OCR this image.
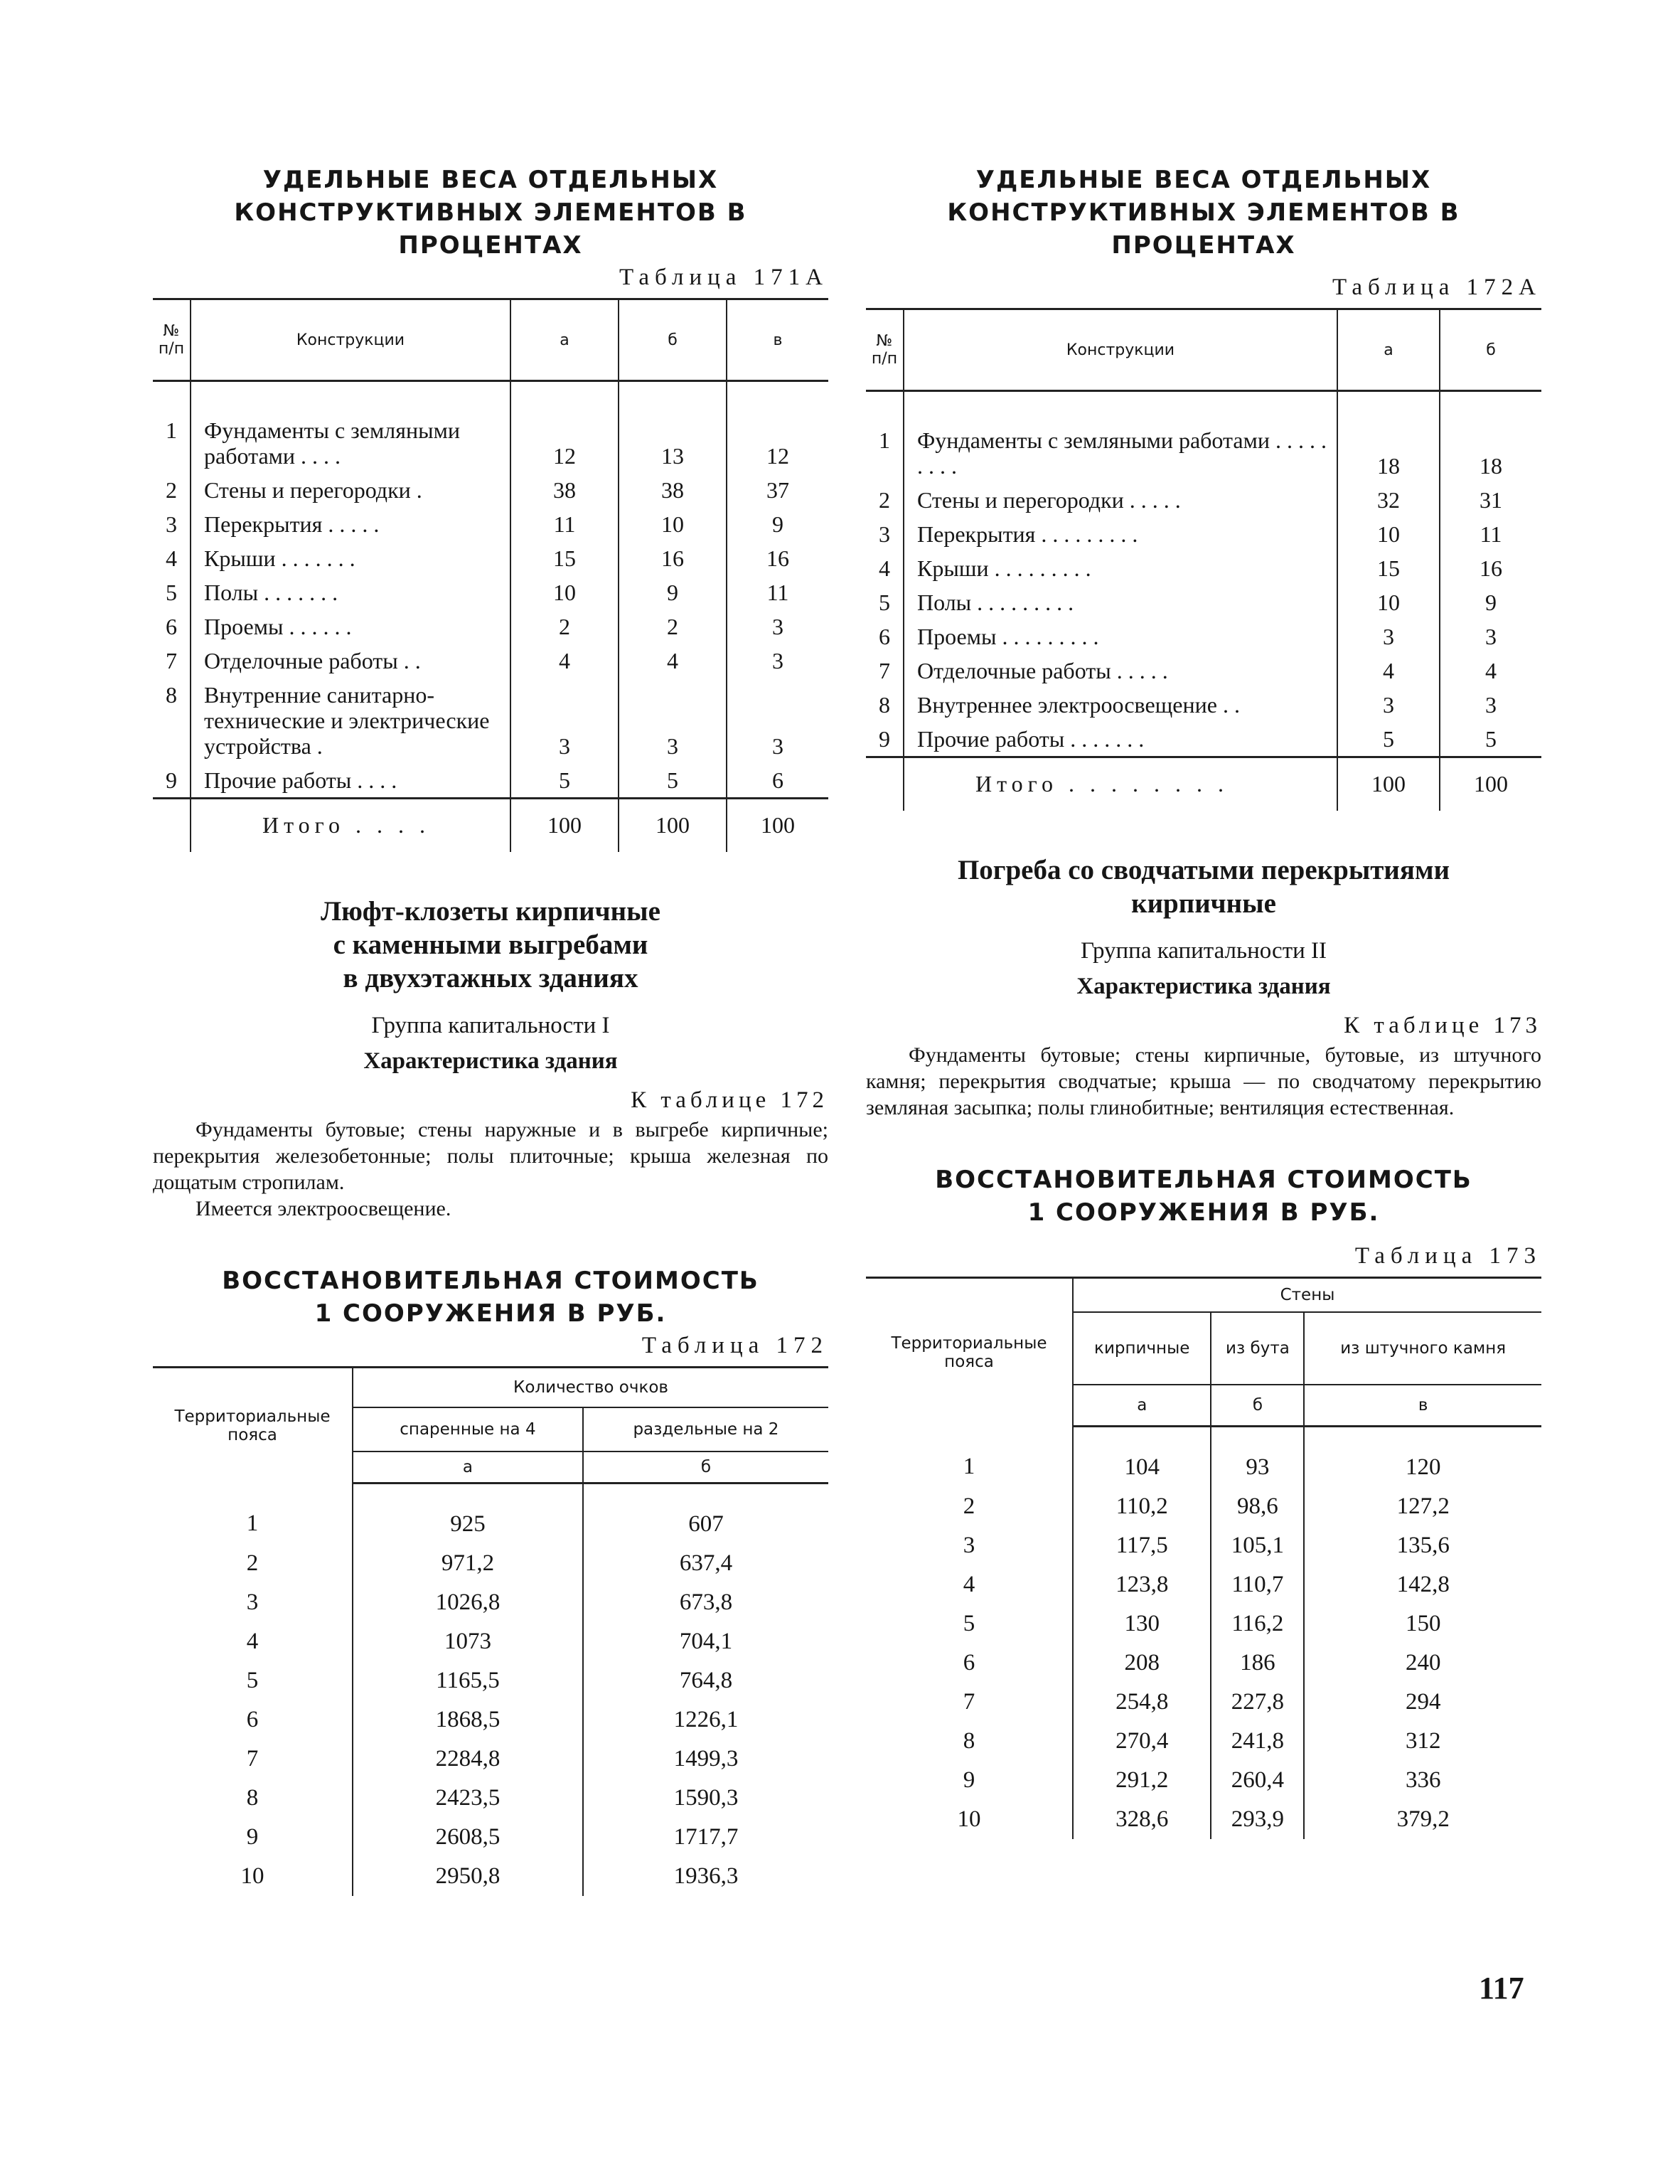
УДЕЛЬНЫЕ ВЕСА ОТДЕЛЬНЫХ

КОНСТРУКТИВНЫХ ЭЛЕМЕНТОВ В ПРОЦЕНТАХ

Таблица 171А

№ п/п	Конструкции	а	б	в
1	Фундаменты с земляными работами . . . .	12	13	12
2	Стены и перегородки .	38	38	37
3	Перекрытия . . . . .	11	10	9
4	Крыши . . . . . . .	15	16	16
5	Полы . . . . . . .	10	9	11
6	Проемы . . . . . .	2	2	3
7	Отделочные работы . .	4	4	3
8	Внутренние санитарно-технические и электрические устройства .	3	3	3
9	Прочие работы . . . .	5	5	6
	Итого . . . .	100	100	100

Люфт-клозеты кирпичные

с каменными выгребами

в двухэтажных зданиях

Группа капитальности I

Характеристика здания

К таблице 172

Фундаменты бутовые; стены наружные и в выгребе кирпичные; перекрытия железобетонные; полы плиточные; крыша железная по дощатым стропилам.

Имеется электроосвещение.

ВОССТАНОВИТЕЛЬНАЯ СТОИМОСТЬ

1 СООРУЖЕНИЯ В РУБ.

Таблица 172

Территориальные пояса	Количество очков	
	спаренные на 4	раздельные на 2
	а	б
1	925	607
2	971,2	637,4
3	1026,8	673,8
4	1073	704,1
5	1165,5	764,8
6	1868,5	1226,1
7	2284,8	1499,3
8	2423,5	1590,3
9	2608,5	1717,7
10	2950,8	1936,3

УДЕЛЬНЫЕ ВЕСА ОТДЕЛЬНЫХ

КОНСТРУКТИВНЫХ ЭЛЕМЕНТОВ В ПРОЦЕНТАХ

Таблица 172А

№ п/п	Конструкции	а	б
1	Фундаменты с земляными работами . . . . . . . . .	18	18
2	Стены и перегородки . . . . .	32	31
3	Перекрытия . . . . . . . . .	10	11
4	Крыши . . . . . . . . .	15	16
5	Полы . . . . . . . . .	10	9
6	Проемы . . . . . . . . .	3	3
7	Отделочные работы . . . . .	4	4
8	Внутреннее электроосвещение . .	3	3
9	Прочие работы . . . . . . .	5	5
	Итого . . . . . . . .	100	100

Погреба со сводчатыми перекрытиями

кирпичные

Группа капитальности II

Характеристика здания

К таблице 173

Фундаменты бутовые; стены кирпичные, бутовые, из штучного камня; перекрытия сводчатые; крыша — по сводчатому перекрытию земляная засыпка; полы глинобитные; вентиляция естественная.

ВОССТАНОВИТЕЛЬНАЯ СТОИМОСТЬ

1 СООРУЖЕНИЯ В РУБ.

Таблица 173

Территориальные пояса	Стены		
	кирпичные	из бута	из штучного камня
	а	б	в
1	104	93	120
2	110,2	98,6	127,2
3	117,5	105,1	135,6
4	123,8	110,7	142,8
5	130	116,2	150
6	208	186	240
7	254,8	227,8	294
8	270,4	241,8	312
9	291,2	260,4	336
10	328,6	293,9	379,2
117
